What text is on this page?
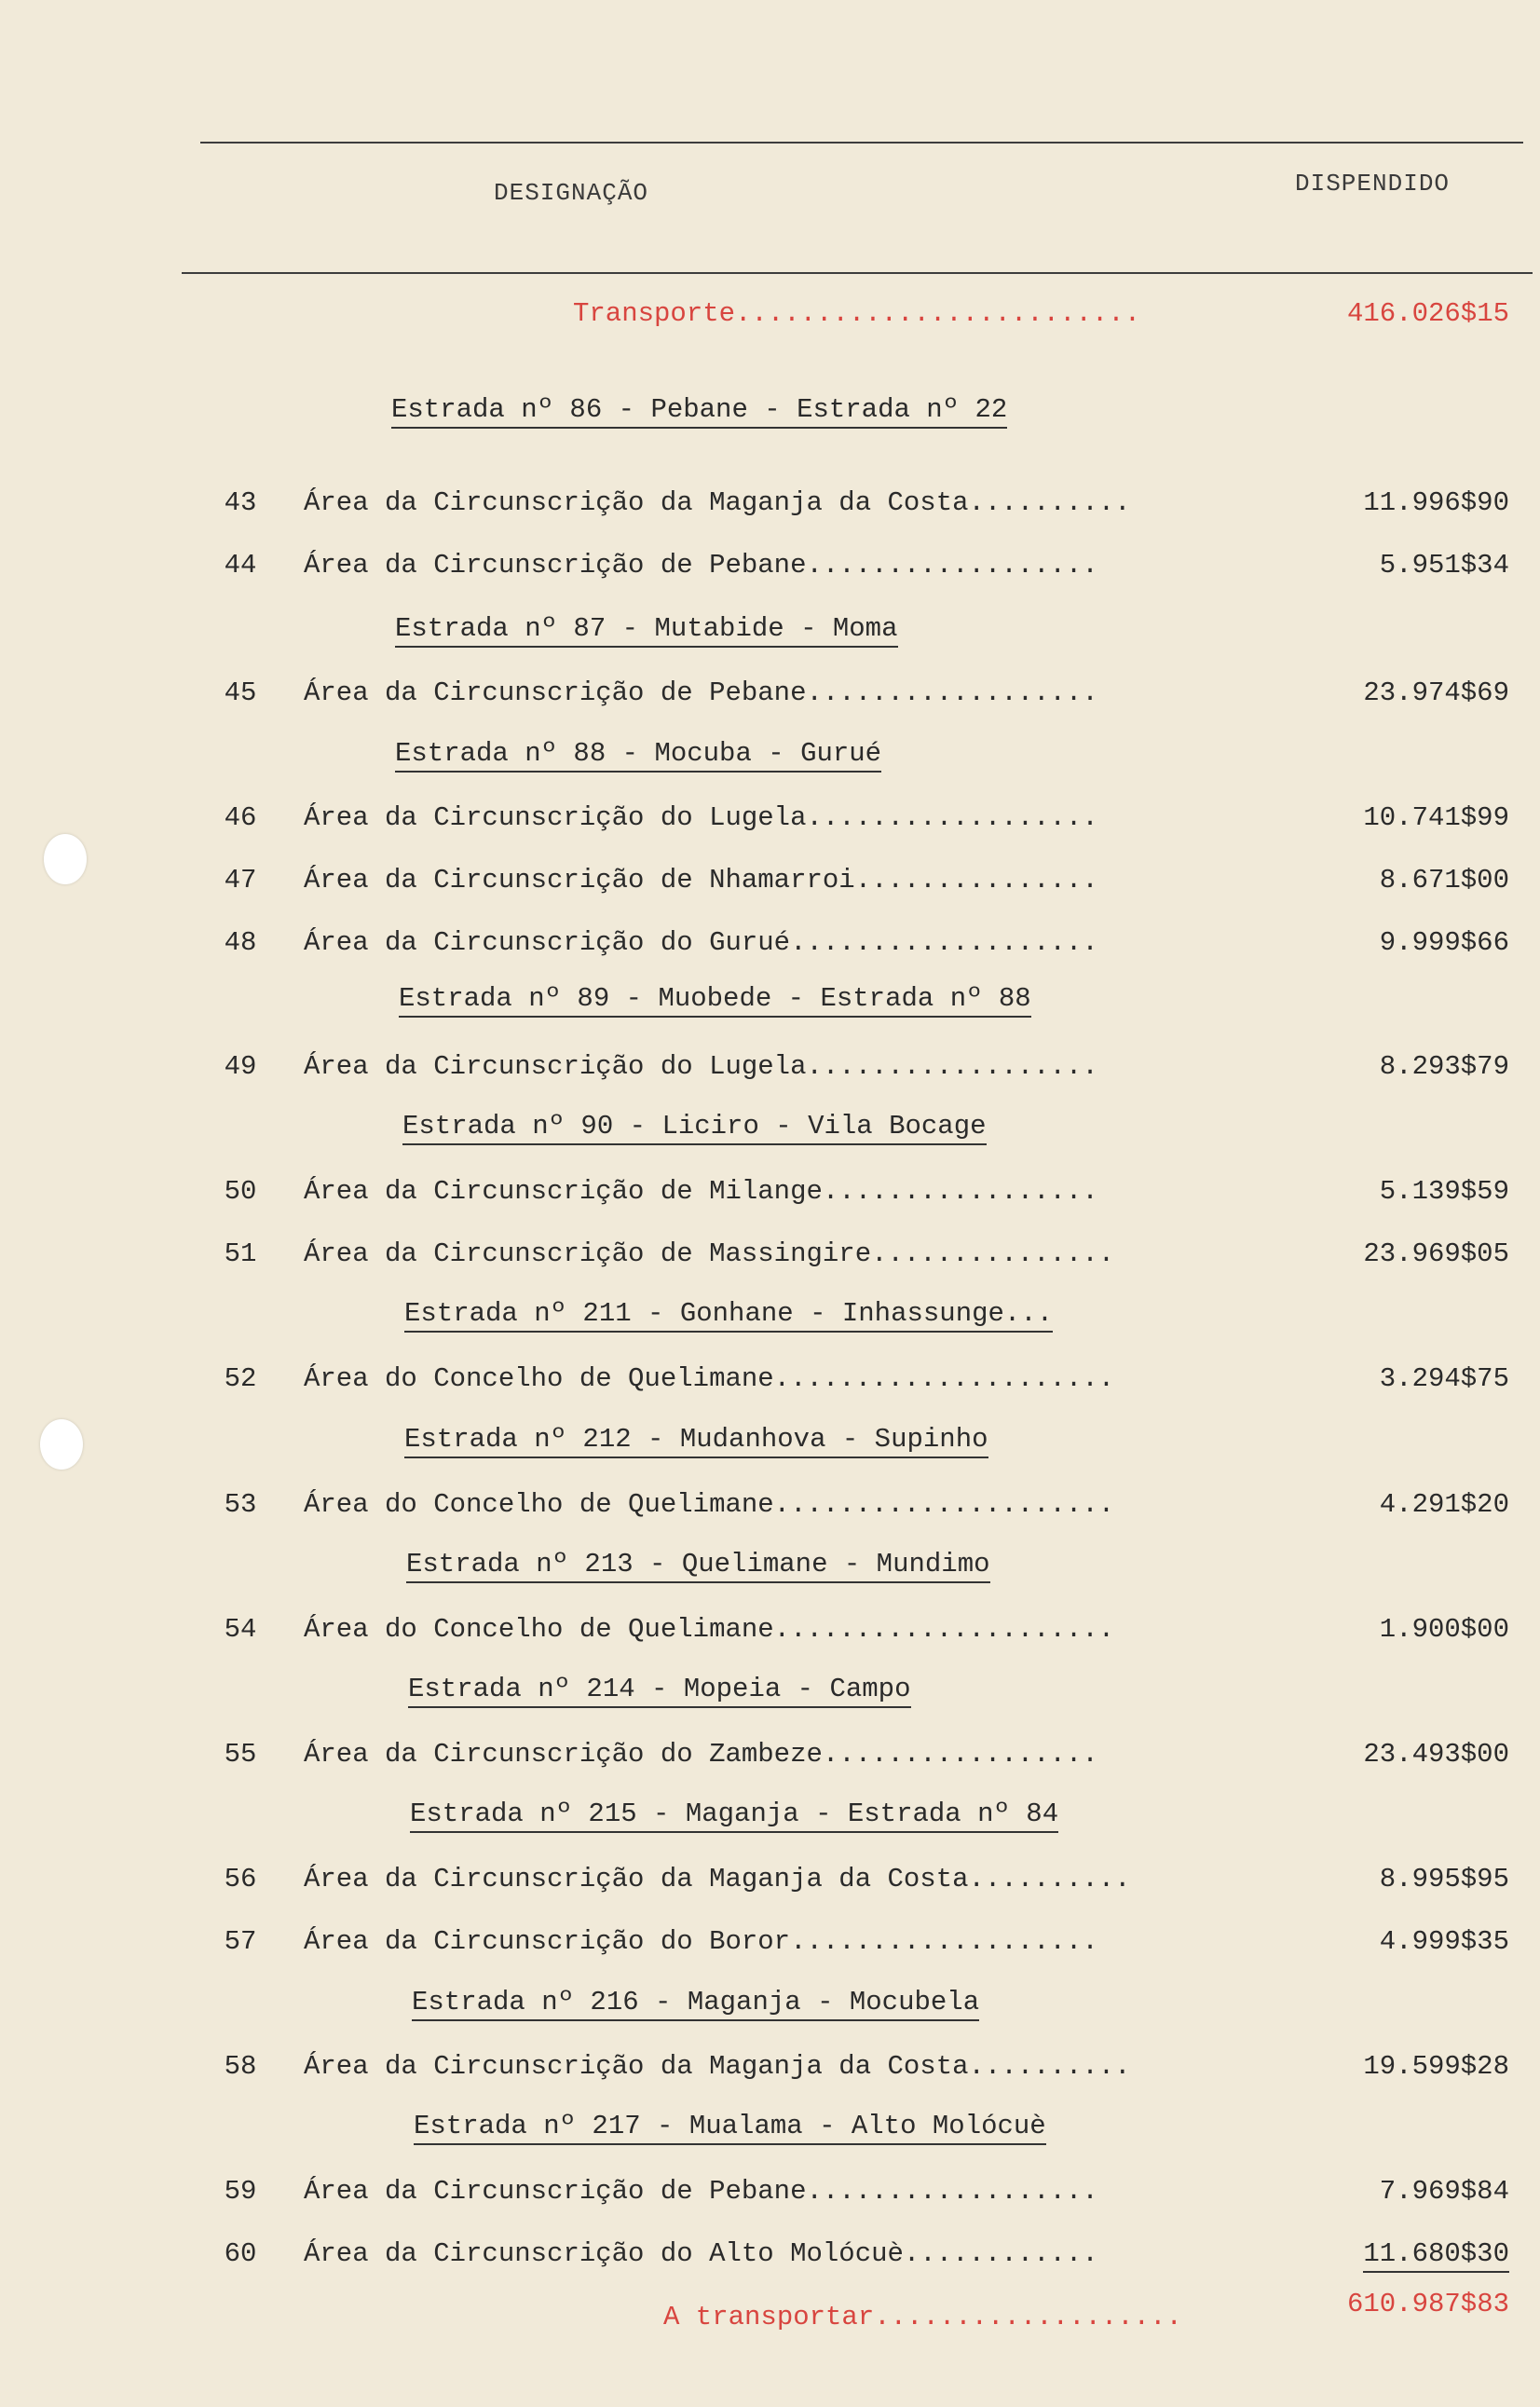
DESIGNAÇÃO	DISPENDIDO
Transporte.........................	416.026$15
Estrada nº 86 - Pebane - Estrada nº 22
43	Área da Circunscrição da Maganja da Costa..........	11.996$90
44	Área da Circunscrição de Pebane..................	5.951$34
Estrada nº 87 - Mutabide - Moma
45	Área da Circunscrição de Pebane..................	23.974$69
Estrada nº 88 - Mocuba - Gurué
46	Área da Circunscrição do Lugela..................	10.741$99
47	Área da Circunscrição de Nhamarroi...............	8.671$00
48	Área da Circunscrição do Gurué...................	9.999$66
Estrada nº 89 - Muobede - Estrada nº 88
49	Área da Circunscrição do Lugela..................	8.293$79
Estrada nº 90 - Liciro - Vila Bocage
50	Área da Circunscrição de Milange.................	5.139$59
51	Área da Circunscrição de Massingire...............	23.969$05
Estrada nº 211 - Gonhane - Inhassunge...
52	Área do Concelho de Quelimane.....................	3.294$75
Estrada nº 212 - Mudanhova - Supinho
53	Área do Concelho de Quelimane.....................	4.291$20
Estrada nº 213 - Quelimane - Mundimo
54	Área do Concelho de Quelimane.....................	1.900$00
Estrada nº 214 - Mopeia - Campo
55	Área da Circunscrição do Zambeze.................	23.493$00
Estrada nº 215 - Maganja - Estrada nº 84
56	Área da Circunscrição da Maganja da Costa..........	8.995$95
57	Área da Circunscrição do Boror...................	4.999$35
Estrada nº 216 - Maganja - Mocubela
58	Área da Circunscrição da Maganja da Costa..........	19.599$28
Estrada nº 217 - Mualama - Alto Molócuè
59	Área da Circunscrição de Pebane..................	7.969$84
60	Área da Circunscrição do Alto Molócuè............	11.680$30
A transportar...................	610.987$83
